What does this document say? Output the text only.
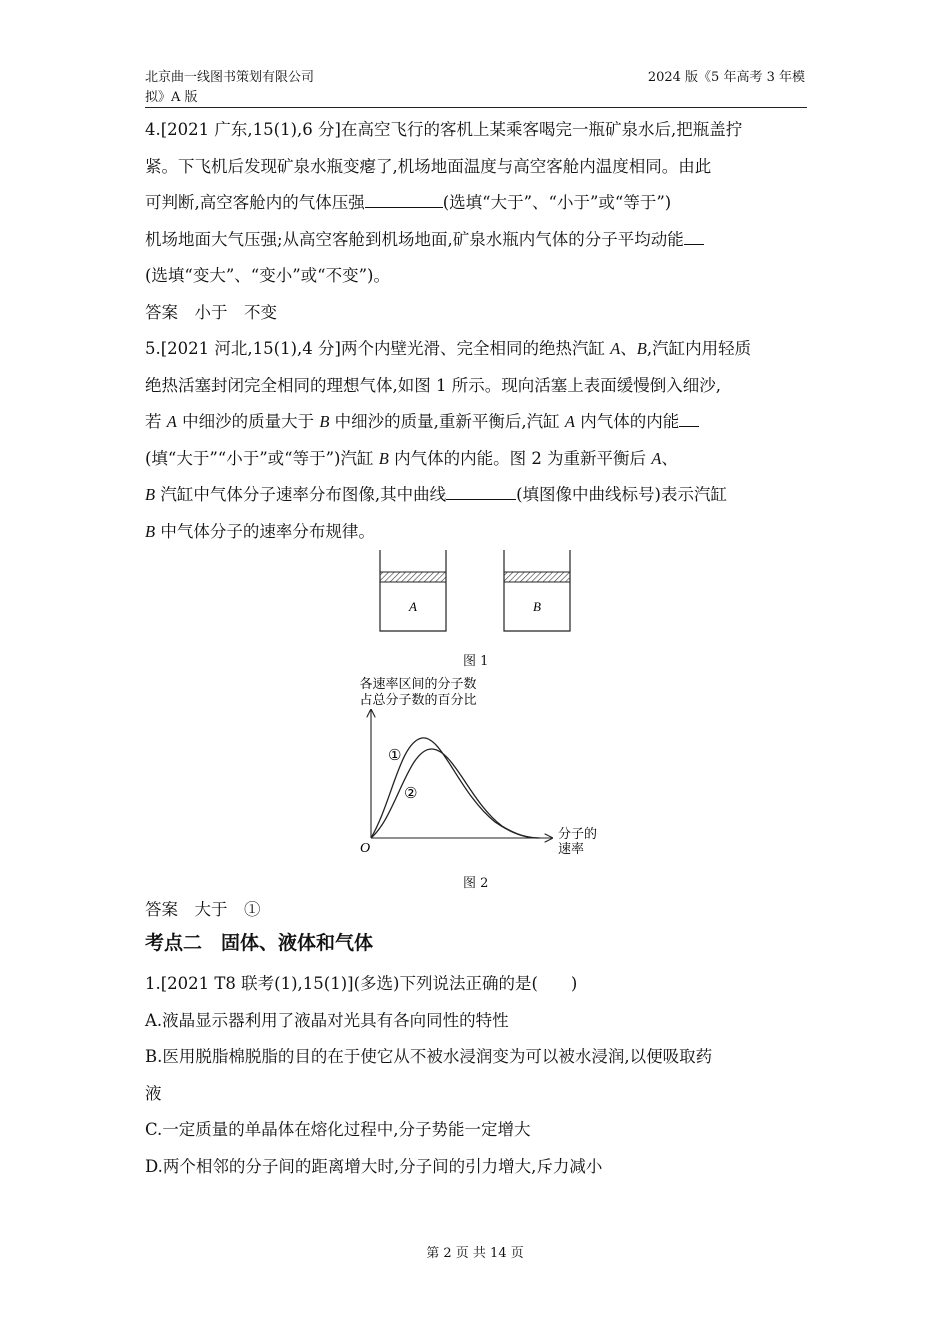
北京曲一线图书策划有限公司
拟》A 版
2024 版《5 年高考 3 年模

4.[2021 广东,15(1),6 分]在高空飞行的客机上某乘客喝完一瓶矿泉水后,把瓶盖拧

紧。下飞机后发现矿泉水瓶变瘪了,机场地面温度与高空客舱内温度相同。由此

可判断,高空客舱内的气体压强	(选填“大于”、“小于”或“等于”)

机场地面大气压强;从高空客舱到机场地面,矿泉水瓶内气体的分子平均动能

(选填“变大”、“变小”或“不变”)。

答案　小于　不变

5.[2021 河北,15(1),4 分]两个内壁光滑、完全相同的绝热汽缸 A、B,汽缸内用轻质

绝热活塞封闭完全相同的理想气体,如图 1 所示。现向活塞上表面缓慢倒入细沙,

若 A 中细沙的质量大于 B 中细沙的质量,重新平衡后,汽缸 A 内气体的内能

(填“大于”“小于”或“等于”)汽缸 B 内气体的内能。图 2 为重新平衡后 A、

B 汽缸中气体分子速率分布图像,其中曲线	(填图像中曲线标号)表示汽缸

B 中气体分子的速率分布规律。

A	B
图 1
各速率区间的分子数
占总分子数的百分比
①
②
O
分子的
速率
图 2

答案　大于　①

考点二　固体、液体和气体

1.[2021 T8 联考(1),15(1)](多选)下列说法正确的是(　　)

A.液晶显示器利用了液晶对光具有各向同性的特性

B.医用脱脂棉脱脂的目的在于使它从不被水浸润变为可以被水浸润,以便吸取药

液

C.一定质量的单晶体在熔化过程中,分子势能一定增大

D.两个相邻的分子间的距离增大时,分子间的引力增大,斥力减小

第 2 页 共 14 页
